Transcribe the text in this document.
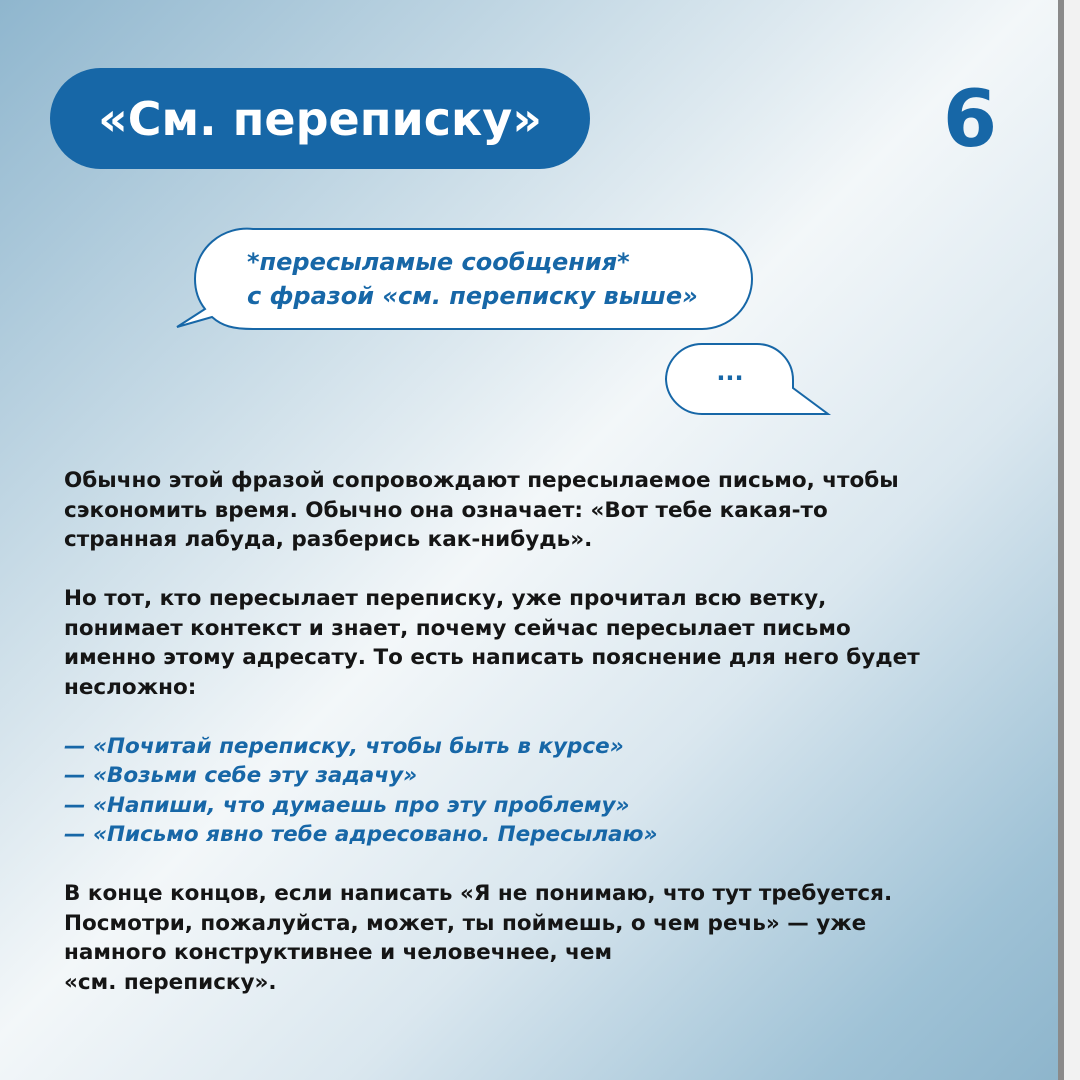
«См. переписку»	6
*пересыламые сообщения*
с фразой «см. переписку выше»
...

Обычно этой фразой сопровождают пересылаемое письмо, чтобы
сэкономить время. Обычно она означает: «Вот тебе какая-то
странная лабуда, разберись как-нибудь».

Но тот, кто пересылает переписку, уже прочитал всю ветку,
понимает контекст и знает, почему сейчас пересылает письмо
именно этому адресату. То есть написать пояснение для него будет
несложно:

— «Почитай переписку, чтобы быть в курсе»
— «Возьми себе эту задачу»
— «Напиши, что думаешь про эту проблему»
— «Письмо явно тебе адресовано. Пересылаю»

В конце концов, если написать «Я не понимаю, что тут требуется.
Посмотри, пожалуйста, может, ты поймешь, о чем речь» — уже
намного конструктивнее и человечнее, чем
«см. переписку».
